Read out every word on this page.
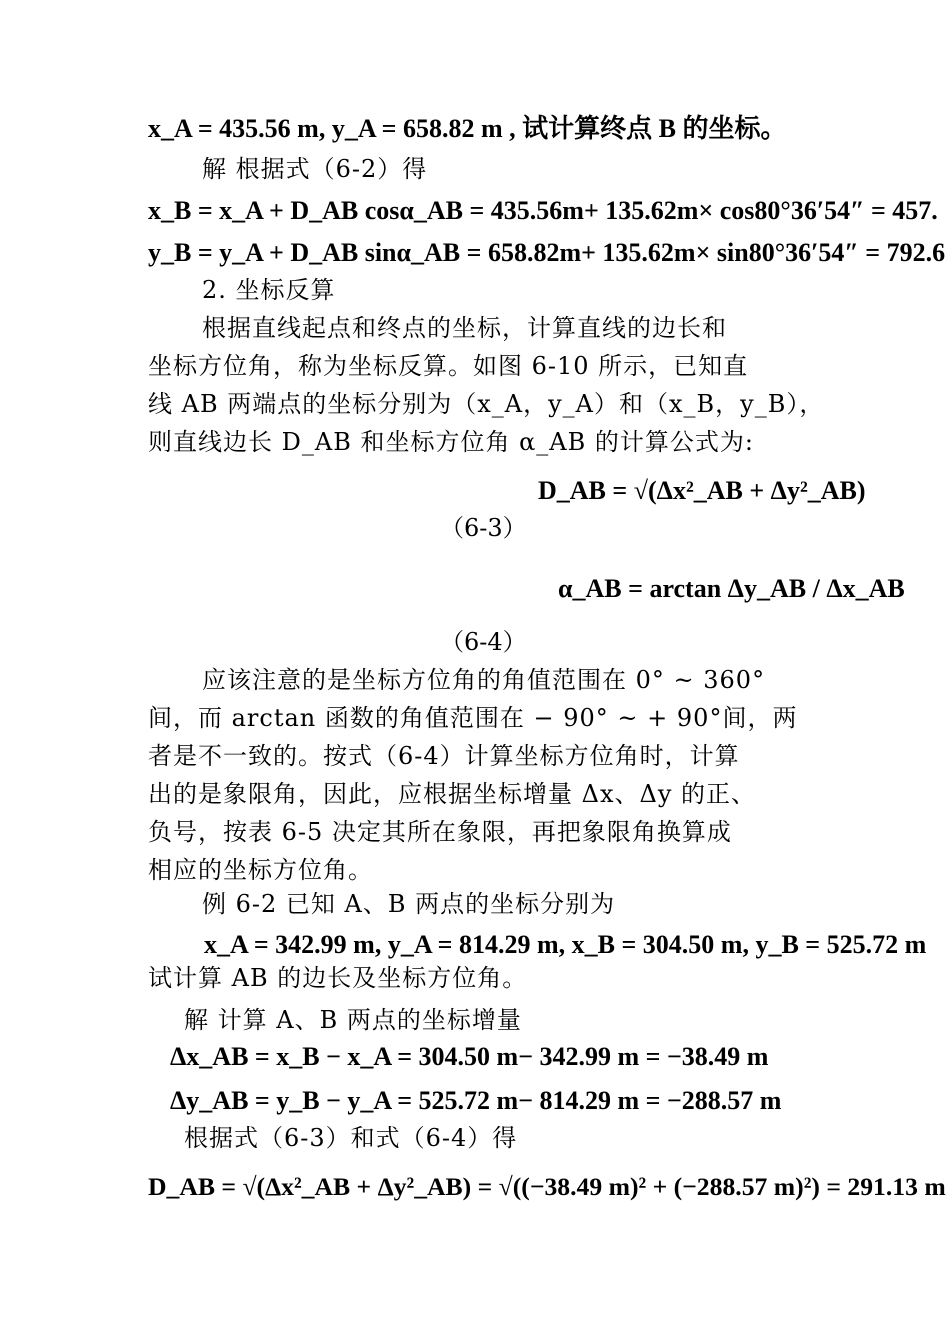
x_A = 435.56 m, y_A = 658.82 m , 试计算终点 B 的坐标。
解 根据式（6-2）得
x_B = x_A + D_AB cosα_AB = 435.56m+ 135.62m× cos80°36′54″ = 457.
y_B = y_A + D_AB sinα_AB = 658.82m+ 135.62m× sin80°36′54″ = 792.6
2. 坐标反算
根据直线起点和终点的坐标，计算直线的边长和
坐标方位角，称为坐标反算。如图 6-10 所示，已知直
线 AB 两端点的坐标分别为（x_A，y_A）和（x_B，y_B），
则直线边长 D_AB 和坐标方位角 α_AB 的计算公式为:
D_AB = √(Δx²_AB + Δy²_AB)
（6-3）
α_AB = arctan Δy_AB / Δx_AB
（6-4）
应该注意的是坐标方位角的角值范围在 0° ~ 360°
间，而 arctan 函数的角值范围在 − 90° ~ + 90°间，两
者是不一致的。按式（6-4）计算坐标方位角时，计算
出的是象限角，因此，应根据坐标增量 Δx、Δy 的正、
负号，按表 6-5 决定其所在象限，再把象限角换算成
相应的坐标方位角。
例 6-2 已知 A、B 两点的坐标分别为
x_A = 342.99 m, y_A = 814.29 m, x_B = 304.50 m, y_B = 525.72 m
试计算 AB 的边长及坐标方位角。
解 计算 A、B 两点的坐标增量
Δx_AB = x_B − x_A = 304.50 m− 342.99 m = −38.49 m
Δy_AB = y_B − y_A = 525.72 m− 814.29 m = −288.57 m
根据式（6-3）和式（6-4）得
D_AB = √(Δx²_AB + Δy²_AB) = √((−38.49 m)² + (−288.57 m)²) = 291.13 m
